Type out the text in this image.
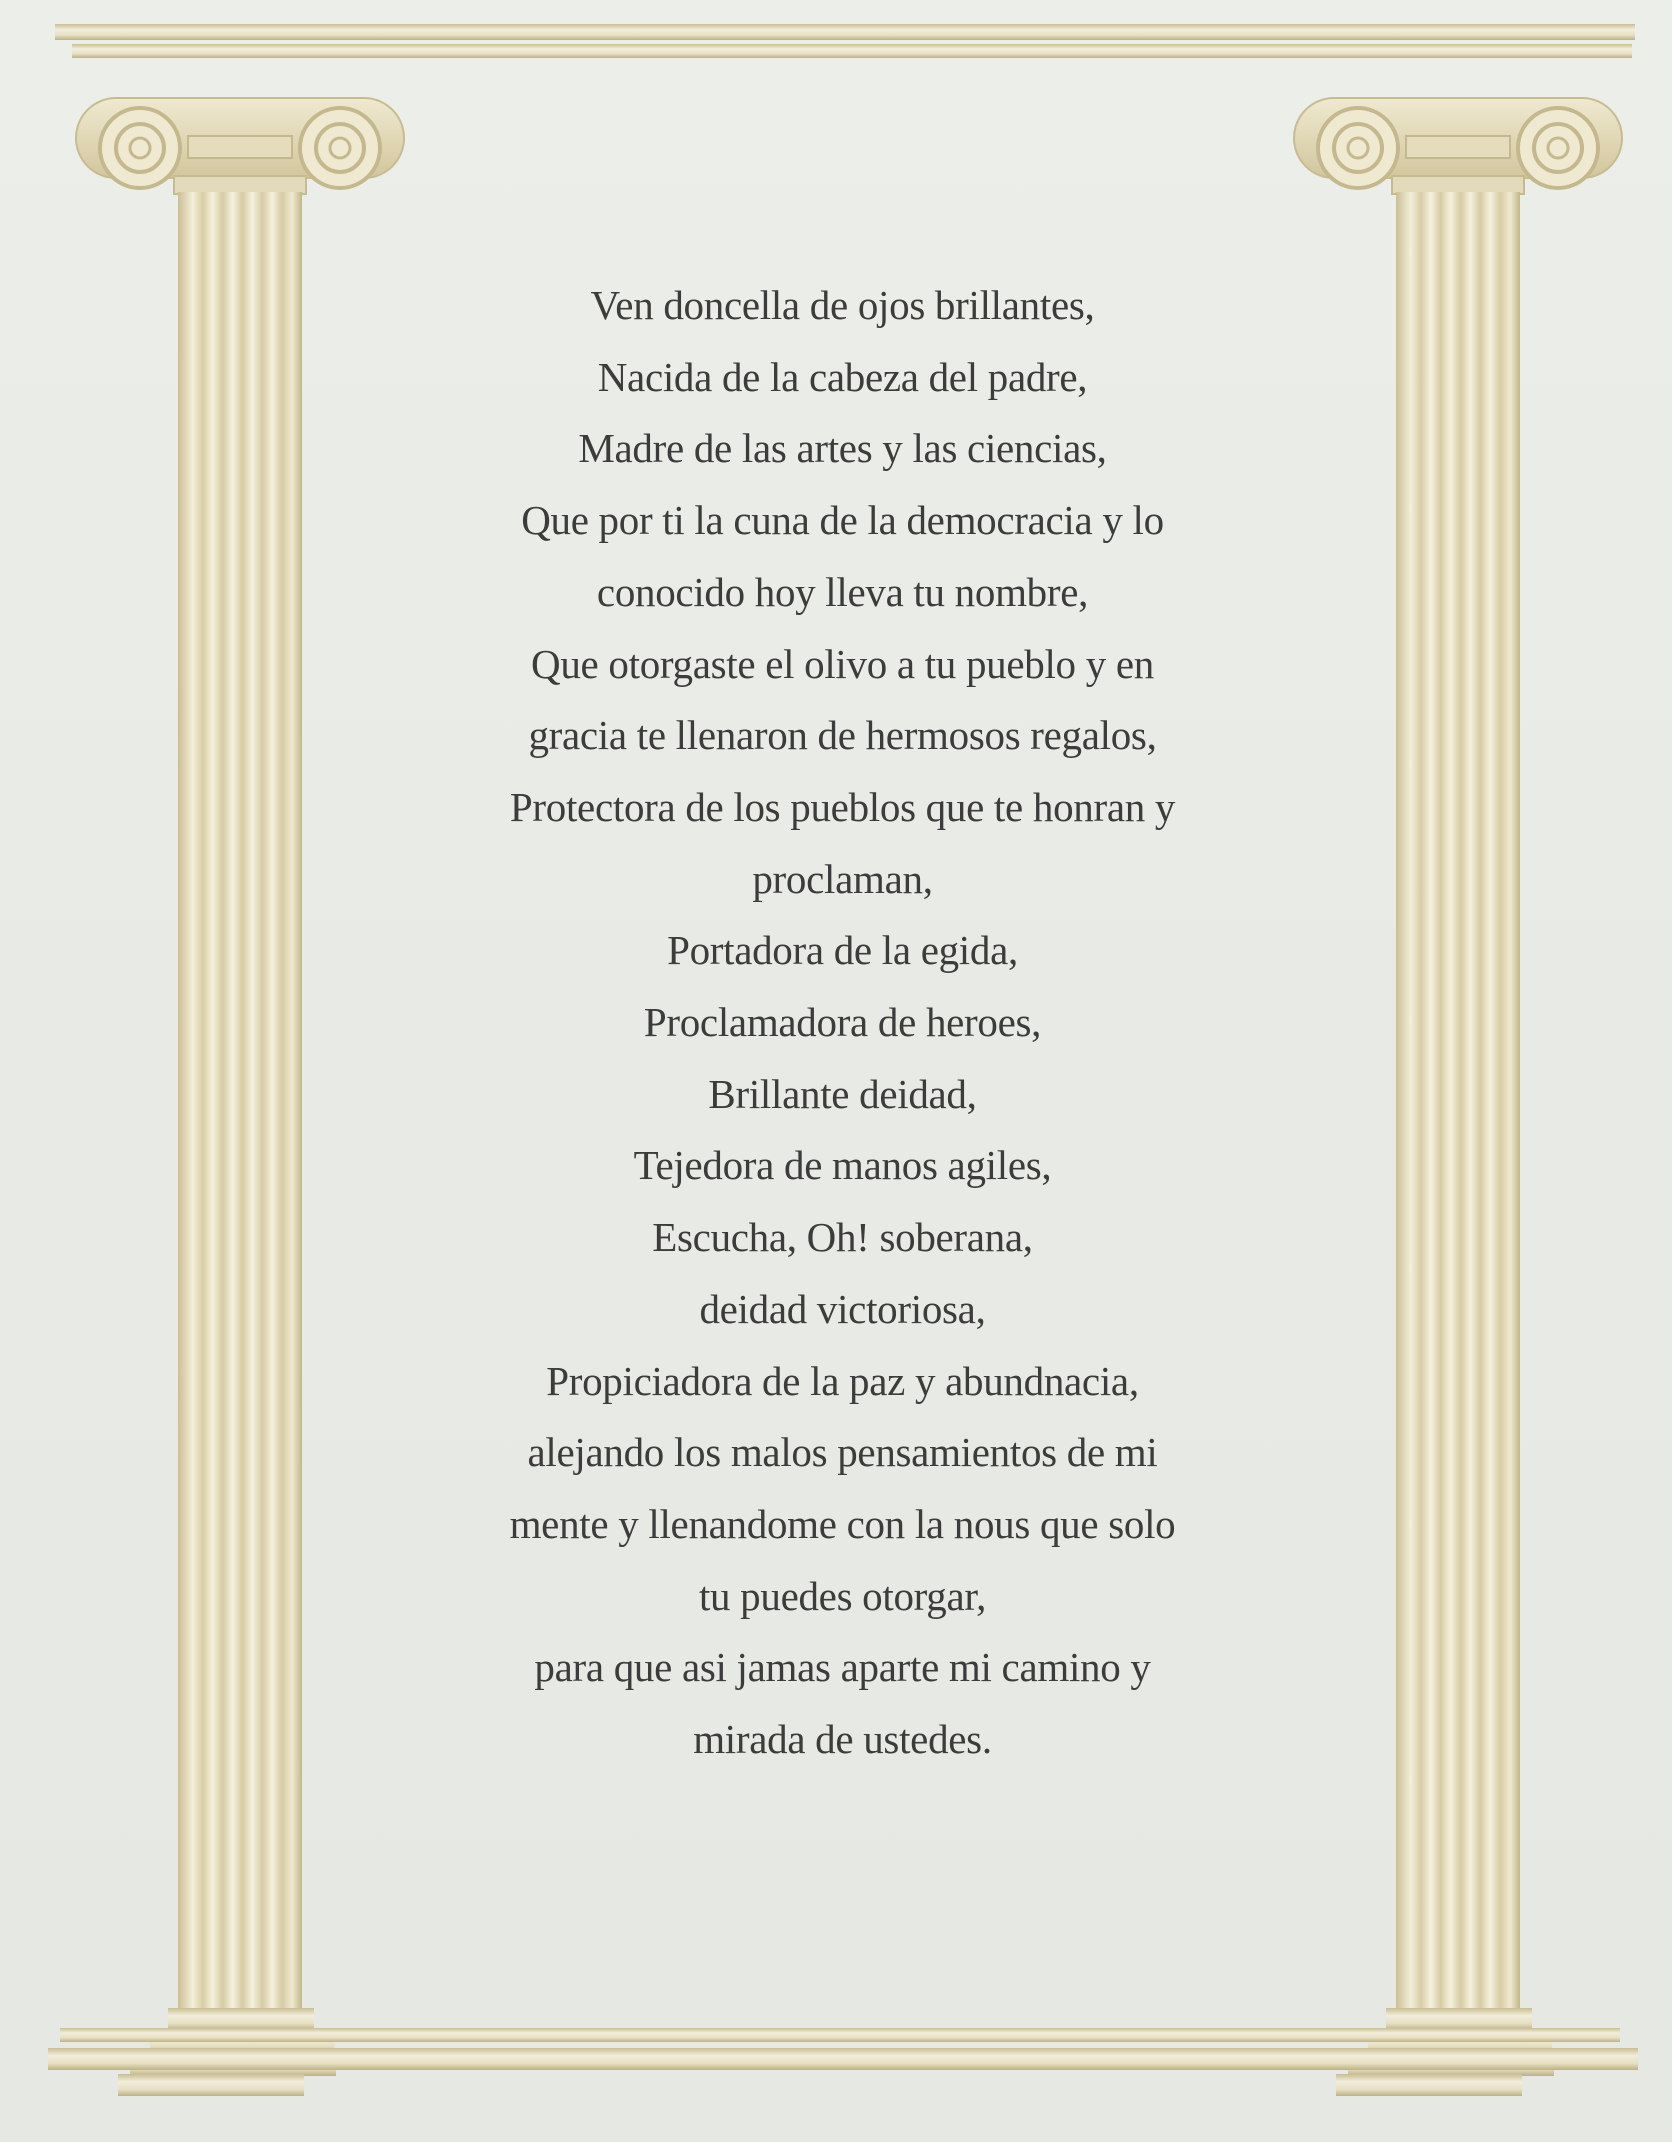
Ven doncella de ojos brillantes,
Nacida de la cabeza del padre,
Madre de las artes y las ciencias,
Que por ti la cuna de la democracia y lo
conocido hoy lleva tu nombre,
Que otorgaste el olivo a tu pueblo y en
gracia te llenaron de hermosos regalos,
Protectora de los pueblos que te honran y
proclaman,
Portadora de la egida,
Proclamadora de heroes,
Brillante deidad,
Tejedora de manos agiles,
Escucha, Oh! soberana,
deidad victoriosa,
Propiciadora de la paz y abundnacia,
alejando los malos pensamientos de mi
mente y llenandome con la nous que solo
tu puedes otorgar,
para que asi jamas aparte mi camino y
mirada de ustedes.
